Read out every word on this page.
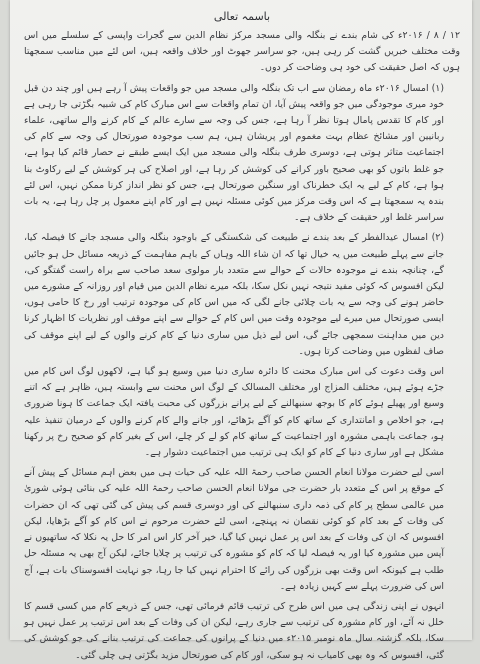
باسمہ تعالی

۱۲ / ۸ / ۲۰۱۶ء کی شام بندے نے بنگلہ والی مسجد مرکز نظام الدین سے گجرات واپسی کے سلسلے میں اس وقت مختلف خبریں گشت کر رہی ہیں، جو سراسر جھوٹ اور خلاف واقعہ ہیں، اس لئے میں مناسب سمجھتا ہوں کہ اصل حقیقت کی خود ہی وضاحت کر دوں۔

(۱) امسال ۲۰۱۶ء ماہ رمضان سے اب تک بنگلہ والی مسجد میں جو واقعات پیش آ رہے ہیں اور چند دن قبل خود میری موجودگی میں جو واقعہ پیش آیا، ان تمام واقعات سے اس مبارک کام کی شبیہ بگڑتی جا رہی ہے اور کام کا تقدس پامال ہوتا نظر آ رہا ہے، جس کی وجہ سے سارے عالم کے کام کرنے والے ساتھی، علماء ربانیین اور مشائخ عظام بہت مغموم اور پریشان ہیں، ہم سب موجودہ صورتحال کی وجہ سے کام کی اجتماعیت متاثر ہوتی ہے، دوسری طرف بنگلہ والی مسجد میں ایک ایسے طبقے نے حصار قائم کیا ہوا ہے، جو غلط باتوں کو بھی صحیح باور کرانے کی کوشش کر رہا ہے، اور اصلاح کی ہر کوشش کے لیے رکاوٹ بنا ہوا ہے، کام کے لیے یہ ایک خطرناک اور سنگین صورتحال ہے، جس کو نظر انداز کرنا ممکن نہیں، اس لئے بندہ یہ سمجھتا ہے کہ اس وقت مرکز میں کوئی مسئلہ نہیں ہے اور کام اپنے معمول پر چل رہا ہے، یہ بات سراسر غلط اور حقیقت کے خلاف ہے۔

(۲) امسال عیدالفطر کے بعد بندے نے طبیعت کی شکستگی کے باوجود بنگلہ والی مسجد جانے کا فیصلہ کیا، جانے سے پہلے طبیعت میں یہ خیال تھا کہ ان شاء اللہ وہاں کے باہم مفاہمت کے ذریعہ مسائل حل ہو جائیں گے، چنانچہ بندے نے موجودہ حالات کے حوالے سے متعدد بار مولوی سعد صاحب سے براہ راست گفتگو کی، لیکن افسوس کہ کوئی مفید نتیجہ نہیں نکل سکا، بلکہ میرے نظام الدین میں قیام اور روزانہ کے مشورے میں حاضر ہونے کی وجہ سے یہ بات چلائی جانے لگی کہ میں اس کام کی موجودہ ترتیب اور رخ کا حامی ہوں، ایسی صورتحال میں میرے لیے موجودہ وقت میں اس کام کے حوالے سے اپنے موقف اور نظریات کا اظہار کرنا دین میں مداہنت سمجھی جائے گی، اس لیے ذیل میں ساری دنیا کے کام کرنے والوں کے لیے اپنے موقف کی صاف لفظوں میں وضاحت کرتا ہوں۔

اس وقت دعوت کی اس مبارک محنت کا دائرہ ساری دنیا میں وسیع ہو گیا ہے، لاکھوں لوگ اس کام میں جڑے ہوئے ہیں، مختلف المزاج اور مختلف المسالک کے لوگ اس محنت سے وابستہ ہیں، ظاہر ہے کہ اتنے وسیع اور پھیلے ہوئے کام کا بوجھ سنبھالنے کے لیے پرانے بزرگوں کی محبت یافتہ ایک جماعت کا ہونا ضروری ہے، جو اخلاص و امانتداری کے ساتھ کام کو آگے بڑھائے، اور جانے والے کام کرنے والوں کے درمیان تنفیذ علیہ ہو، جماعت باہمی مشورہ اور اجتماعیت کے ساتھ کام کو لے کر چلے، اس کے بغیر کام کو صحیح رخ پر رکھنا مشکل ہے اور ساری دنیا کے کام کو ایک ہی ترتیب میں اجتماعیت دشوار ہے۔

اسی لیے حضرت مولانا انعام الحسن صاحب رحمۃ اللہ علیہ کی حیات ہی میں بعض اہم مسائل کے پیش آنے کے موقع پر اس کے متعدد بار حضرت جی مولانا انعام الحسن صاحب رحمۃ اللہ علیہ کی بنائی ہوئی شوریٰ میں عالمی سطح پر کام کی ذمہ داری سنبھالنے کی اور دوسری قسم کی پیش کی گئی تھی کہ ان حضرات کی وفات کے بعد کام کو کوئی نقصان نہ پہنچے، اسی لئے حضرت مرحوم نے اس کام کو آگے بڑھایا، لیکن افسوس کہ ان کی وفات کے بعد اس پر عمل نہیں کیا گیا، خیر آخر کار اس امر کا حل یہ نکلا کہ ساتھیوں نے آپس میں مشورہ کیا اور یہ فیصلہ لیا کہ کام کو مشورہ کی ترتیب پر چلایا جائے، لیکن آج بھی یہ مسئلہ حل طلب ہے کیونکہ اس وقت بھی بزرگوں کی رائے کا احترام نہیں کیا جا رہا، جو نہایت افسوسناک بات ہے، آج اس کی ضرورت پہلے سے کہیں زیادہ ہے۔

انہوں نے اپنی زندگی ہی میں اس طرح کی ترتیب قائم فرمائی تھی، جس کے ذریعے کام میں کسی قسم کا خلل نہ آئے، اور کام مشورہ کی ترتیب سے جاری رہے، لیکن ان کی وفات کے بعد اس ترتیب پر عمل نہیں ہو سکا، بلکہ گزشتہ سال ماہ نومبر ۲۰۱۵ء میں دنیا کے پرانوں کی جماعت کی ترتیب بنانے کی جو کوشش کی گئی، افسوس کہ وہ بھی کامیاب نہ ہو سکی، اور کام کی صورتحال مزید بگڑتی ہی چلی گئی۔
